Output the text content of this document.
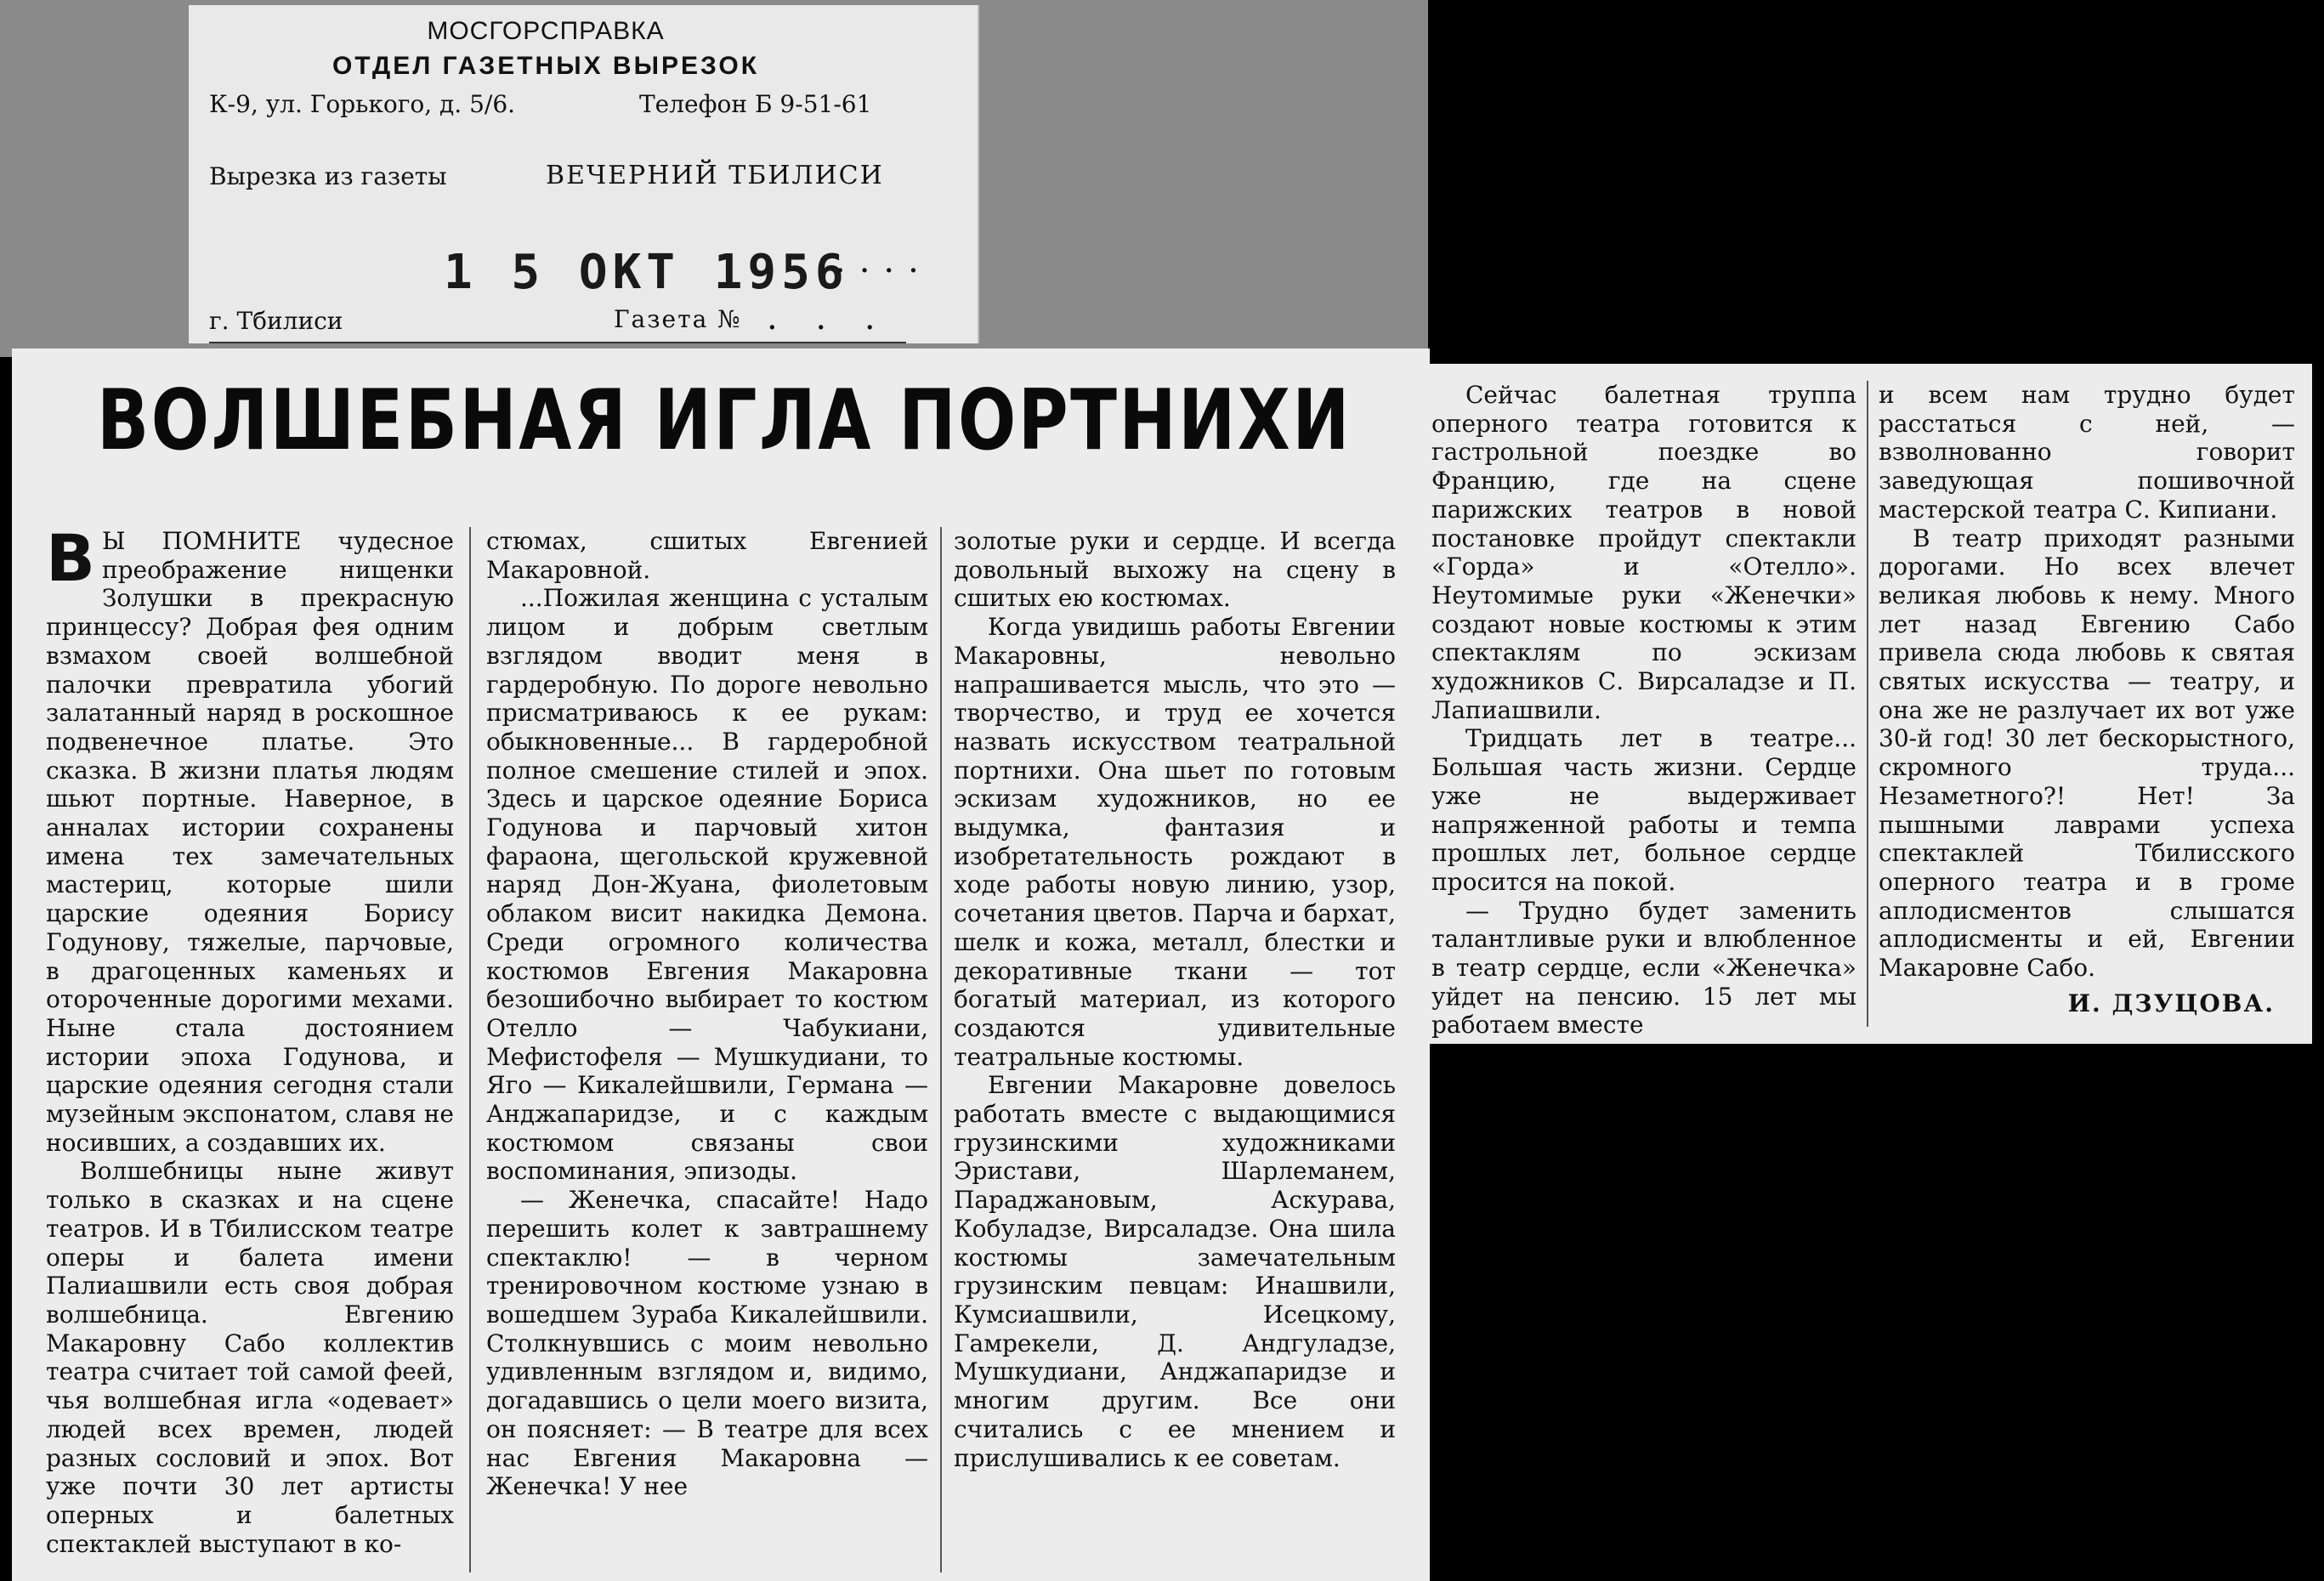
МОСГОРСПРАВКА
ОТДЕЛ ГАЗЕТНЫХ ВЫРЕЗОК
К-9, ул. Горького, д. 5/6.	Телефон Б 9-51-61
Вырезка из газеты	ВЕЧЕРНИЙ ТБИЛИСИ
1 5 ОКТ 1956
····
г. Тбилиси	Газета № . . .
ВОЛШЕБНАЯ ИГЛА ПОРТНИХИ
В Ы ПОМНИТЕ чудесное преображение нищенки Золушки в прекрасную принцессу? Добрая фея одним взмахом своей волшебной палочки превратила убогий залатанный наряд в роскошное подвенечное платье. Это сказка. В жизни платья людям шьют портные. Наверное, в анналах истории сохранены имена тех замечательных мастериц, которые шили царские одеяния Борису Годунову, тяжелые, парчовые, в драгоценных каменьях и отороченные дорогими мехами. Ныне стала достоянием истории эпоха Годунова, и царские одеяния сегодня стали музейным экспонатом, славя не носивших, а создавших их.

Волшебницы ныне живут только в сказках и на сцене театров. И в Тбилисском театре оперы и балета имени Палиашвили есть своя добрая волшебница. Евгению Макаровну Сабо коллектив театра считает той самой феей, чья волшебная игла «одевает» людей всех времен, людей разных сословий и эпох. Вот уже почти 30 лет артисты оперных и балетных спектаклей выступают в ко-

стюмах, сшитых Евгенией Макаровной.

...Пожилая женщина с усталым лицом и добрым светлым взглядом вводит меня в гардеробную. По дороге невольно присматриваюсь к ее рукам: обыкновенные... В гардеробной полное смешение стилей и эпох. Здесь и царское одеяние Бориса Годунова и парчовый хитон фараона, щегольской кружевной наряд Дон-Жуана, фиолетовым облаком висит накидка Демона. Среди огромного количества костюмов Евгения Макаровна безошибочно выбирает то костюм Отелло — Чабукиани, Мефистофеля — Мушкудиани, то Яго — Кикалейшвили, Германа — Анджапаридзе, и с каждым костюмом связаны свои воспоминания, эпизоды.

— Женечка, спасайте! Надо перешить колет к завтрашнему спектаклю! — в черном тренировочном костюме узнаю в вошедшем Зураба Кикалейшвили. Столкнувшись с моим невольно удивленным взглядом и, видимо, догадавшись о цели моего визита, он поясняет: — В театре для всех нас Евгения Макаровна — Женечка! У нее

золотые руки и сердце. И всегда довольный выхожу на сцену в сшитых ею костюмах.

Когда увидишь работы Евгении Макаровны, невольно напрашивается мысль, что это — творчество, и труд ее хочется назвать искусством театральной портнихи. Она шьет по готовым эскизам художников, но ее выдумка, фантазия и изобретательность рождают в ходе работы новую линию, узор, сочетания цветов. Парча и бархат, шелк и кожа, металл, блестки и декоративные ткани — тот богатый материал, из которого создаются удивительные театральные костюмы.

Евгении Макаровне довелось работать вместе с выдающимися грузинскими художниками Эристави, Шарлеманем, Параджановым, Аскурава, Кобуладзе, Вирсаладзе. Она шила костюмы замечательным грузинским певцам: Инашвили, Кумсиашвили, Исецкому, Гамрекели, Д. Андгуладзе, Мушкудиани, Анджапаридзе и многим другим. Все они считались с ее мнением и прислушивались к ее советам.

Сейчас балетная труппа оперного театра готовится к гастрольной поездке во Францию, где на сцене парижских театров в новой постановке пройдут спектакли «Горда» и «Отелло». Неутомимые руки «Женечки» создают новые костюмы к этим спектаклям по эскизам художников С. Вирсаладзе и П. Лапиашвили.

Тридцать лет в театре... Большая часть жизни. Сердце уже не выдерживает напряженной работы и темпа прошлых лет, больное сердце просится на покой.

— Трудно будет заменить талантливые руки и влюбленное в театр сердце, если «Женечка» уйдет на пенсию. 15 лет мы работаем вместе

и всем нам трудно будет расстаться с ней, — взволнованно говорит заведующая пошивочной мастерской театра С. Кипиани.

В театр приходят разными дорогами. Но всех влечет великая любовь к нему. Много лет назад Евгению Сабо привела сюда любовь к святая святых искусства — театру, и она же не разлучает их вот уже 30-й год! 30 лет бескорыстного, скромного труда... Незаметного?! Нет! За пышными лаврами успеха спектаклей Тбилисского оперного театра и в громе аплодисментов слышатся аплодисменты и ей, Евгении Макаровне Сабо.

И. ДЗУЦОВА.
